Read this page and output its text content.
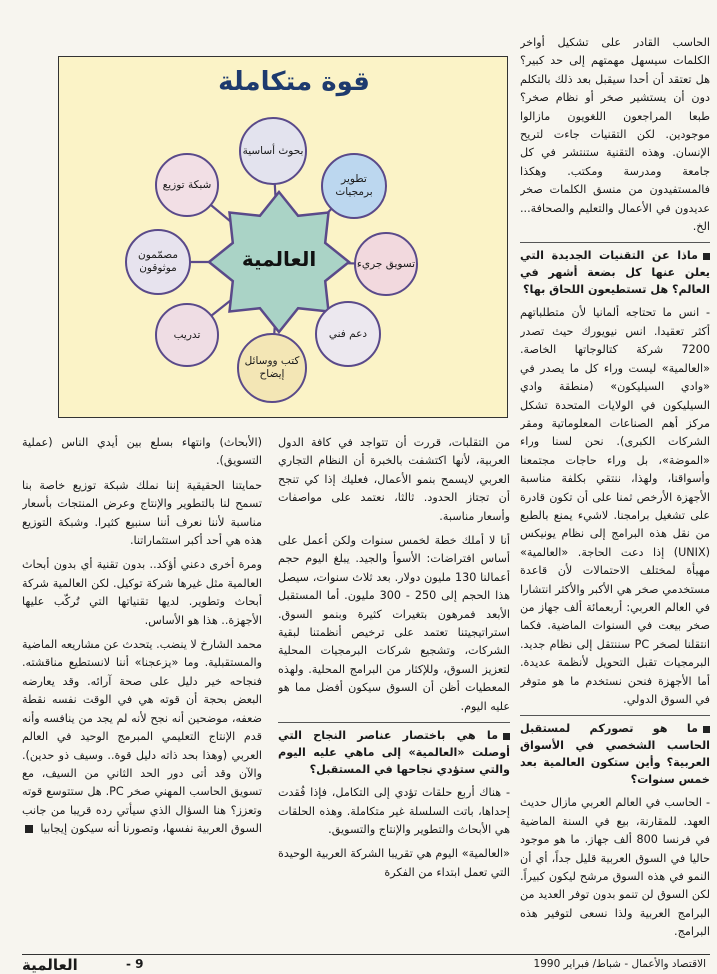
قوة متكاملة
العالمية
بحوث أساسية
تطوير برمجيات
تسويق جريء
دعم فني
كتب ووسائل إيضاح
تدريب
مصمّمون موثوقون
شبكة توزيع

الحاسب القادر على تشكيل أواخر الكلمات سيسهل مهمتهم إلى حد كبير؟ هل تعتقد أن أحدا سيقبل بعد ذلك بالتكلم دون أن يستشير صخر أو نظام صخر؟ طبعا المراجعون اللغويون مازالوا موجودين. لكن التقنيات جاءت لتريح الإنسان. وهذه التقنية ستنتشر في كل جامعة ومدرسة ومكتب. وهكذا فالمستفيدون من منسق الكلمات صخر عديدون في الأعمال والتعليم والصحافة... الخ.

ماذا عن التقنيات الجديدة التي يعلن عنها كل بضعة أشهر في العالم؟ هل تستطيعون اللحاق بها؟

- انس ما تحتاجه ألمانيا لأن متطلباتهم أكثر تعقيدا. انس نيويورك حيث تصدر 7200 شركة كتالوجاتها الخاصة. «العالمية» ليست وراء كل ما يصدر في «وادي السيليكون» (منطقة وادي السيليكون في الولايات المتحدة تشكل مركز أهم الصناعات المعلوماتية ومقر الشركات الكبرى). نحن لسنا وراء «الموضة»، بل وراء حاجات مجتمعنا وأسواقنا، ولهذا، ننتقي بكلفة مناسبة الأجهزة الأرخص ثمنا على أن تكون قادرة على تشغيل برامجنا. لاشيء يمنع بالطبع من نقل هذه البرامج إلى نظام يونيكس (UNIX) إذا دعت الحاجة. «العالمية» مهيأة لمختلف الاحتمالات لأن قاعدة مستخدمي صخر هي الأكبر والأكثر انتشارا في العالم العربي: أربعمائة ألف جهاز من صخر بيعت في السنوات الماضية. فكما انتقلنا لصخر PC سننتقل إلى نظام جديد. البرمجيات تقبل التحويل لأنظمة عديدة. أما الأجهزة فنحن نستخدم ما هو متوفر في السوق الدولي.

ما هو تصوركم لمستقبل الحاسب الشخصي في الأسواق العربية؟ وأين ستكون العالمية بعد خمس سنوات؟

- الحاسب في العالم العربي مازال حديث العهد. للمقارنة، بيع في السنة الماضية في فرنسا 800 ألف جهاز. ما هو موجود حاليا في السوق العربية قليل جداً، أي أن النمو في هذه السوق مرشح ليكون كبيراً. لكن السوق لن تنمو بدون توفر العديد من البرامج العربية ولذا نسعى لتوفير هذه البرامج.

من التقلبات، قررت أن تتواجد في كافة الدول العربية، لأنها اكتشفت بالخبرة أن النظام التجاري العربي لايسمح بنمو الأعمال، فعليك إذا كي تنجح أن تجتاز الحدود. ثالثا، نعتمد على مواصفات وأسعار مناسبة.

أنا لا أملك خطة لخمس سنوات ولكن أعمل على أساس افتراضات: الأسوأ والجيد. يبلغ اليوم حجم أعمالنا 130 مليون دولار. بعد ثلاث سنوات، سيصل هذا الحجم إلى 250 - 300 مليون. أما المستقبل الأبعد فمرهون بتغيرات كثيرة وبنمو السوق. استراتيجيتنا تعتمد على ترخيص أنظمتنا لبقية الشركات، وتشجيع شركات البرمجيات المحلية لتعزيز السوق، وللإكثار من البرامج المحلية. ولهذه المعطيات أظن أن السوق سيكون أفضل مما هو عليه اليوم.

ما هي باختصار عناصر النجاح التي أوصلت «العالمية» إلى ماهي عليه اليوم والتي ستؤدي نجاحها في المستقبل؟

- هناك أربع حلقات تؤدي إلى التكامل، فإذا فُقدت إحداها، باتت السلسلة غير متكاملة. وهذه الحلقات هي الأبحاث والتطوير والإنتاج والتسويق.

«العالمية» اليوم هي تقريبا الشركة العربية الوحيدة التي تعمل ابتداء من الفكرة

(الأبحاث) وانتهاء بسلع بين أيدي الناس (عملية التسويق).

حمايتنا الحقيقية إننا نملك شبكة توزيع خاصة بنا تسمح لنا بالتطوير والإنتاج وعرض المنتجات بأسعار مناسبة لأننا نعرف أننا سنبيع كثيرا. وشبكة التوزيع هذه هي أحد أكبر استثماراتنا.

ومرة أخرى دعني أؤكد.. بدون تقنية أي بدون أبحاث العالمية مثل غيرها شركة توكيل. لكن العالمية شركة أبحاث وتطوير. لديها تقنياتها التي تُركّب عليها الأجهزة.. هذا هو الأساس.

محمد الشارخ لا ينضب. يتحدث عن مشاريعه الماضية والمستقبلية. وما «يزعجنا» أننا لانستطيع مناقشته. فنجاحه خير دليل على صحة آرائه. وقد يعارضه البعض بحجة أن قوته هي في الوقت نفسه نقطة ضعفه، موضحين أنه نجح لأنه لم يجد من ينافسه وأنه قدم الإنتاج التعليمي المبرمج الوحيد في العالم العربي (وهذا بحد ذاته دليل قوة.. وسيف ذو حدين). والآن وقد أتى دور الحد الثاني من السيف، مع تسويق الحاسب المهني صخر PC. هل ستتوسع قوته وتعزز؟ هنا السؤال الذي سيأتي رده قريبا من جانب السوق العربية نفسها، وتصورنا أنه سيكون إيجابيا

العالمية	- 9	الاقتصاد والأعمال - شباط/ فبراير 1990
